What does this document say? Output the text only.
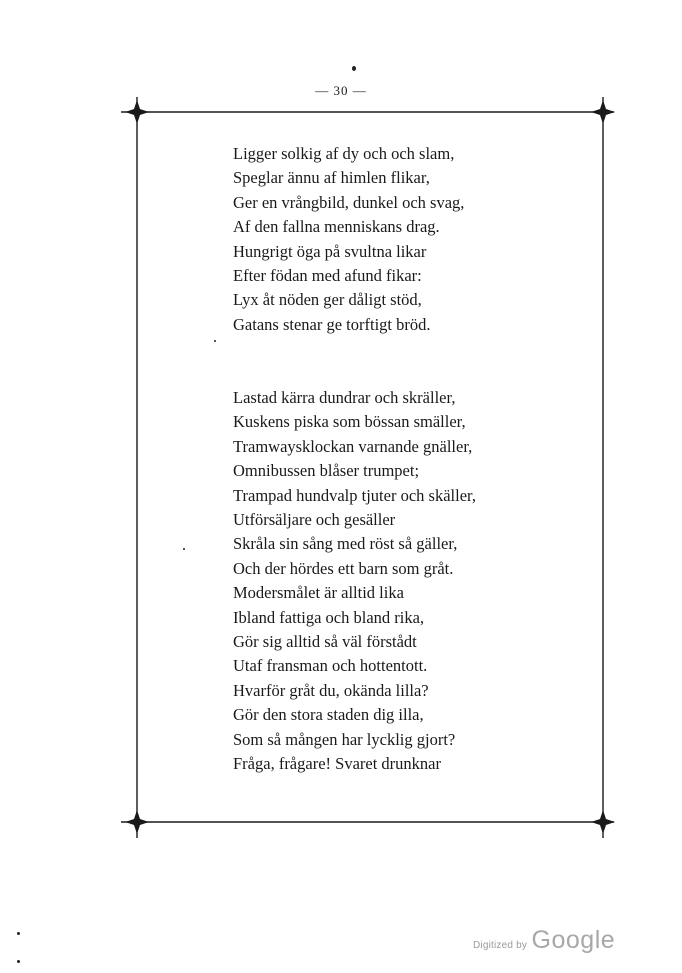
— 30 —
Ligger solkig af dy och och slam,
Speglar ännu af himlen flikar,
Ger en vrångbild, dunkel och svag,
Af den fallna menniskans drag.
Hungrigt öga på svultna likar
Efter födan med afund fikar:
Lyx åt nöden ger dåligt stöd,
Gatans stenar ge torftigt bröd.
Lastad kärra dundrar och skräller,
Kuskens piska som bössan smäller,
Tramwaysklockan varnande gnäller,
Omnibussen blåser trumpet;
Trampad hundvalp tjuter och skäller,
Utförsäljare och gesäller
Skråla sin sång med röst så gäller,
Och der hördes ett barn som gråt.
Modersmålet är alltid lika
Ibland fattiga och bland rika,
Gör sig alltid så väl förstådt
Utaf fransman och hottentott.
Hvarför gråt du, okända lilla?
Gör den stora staden dig illa,
Som så mången har lycklig gjort?
Fråga, frågare! Svaret drunknar
Digitized by Google
